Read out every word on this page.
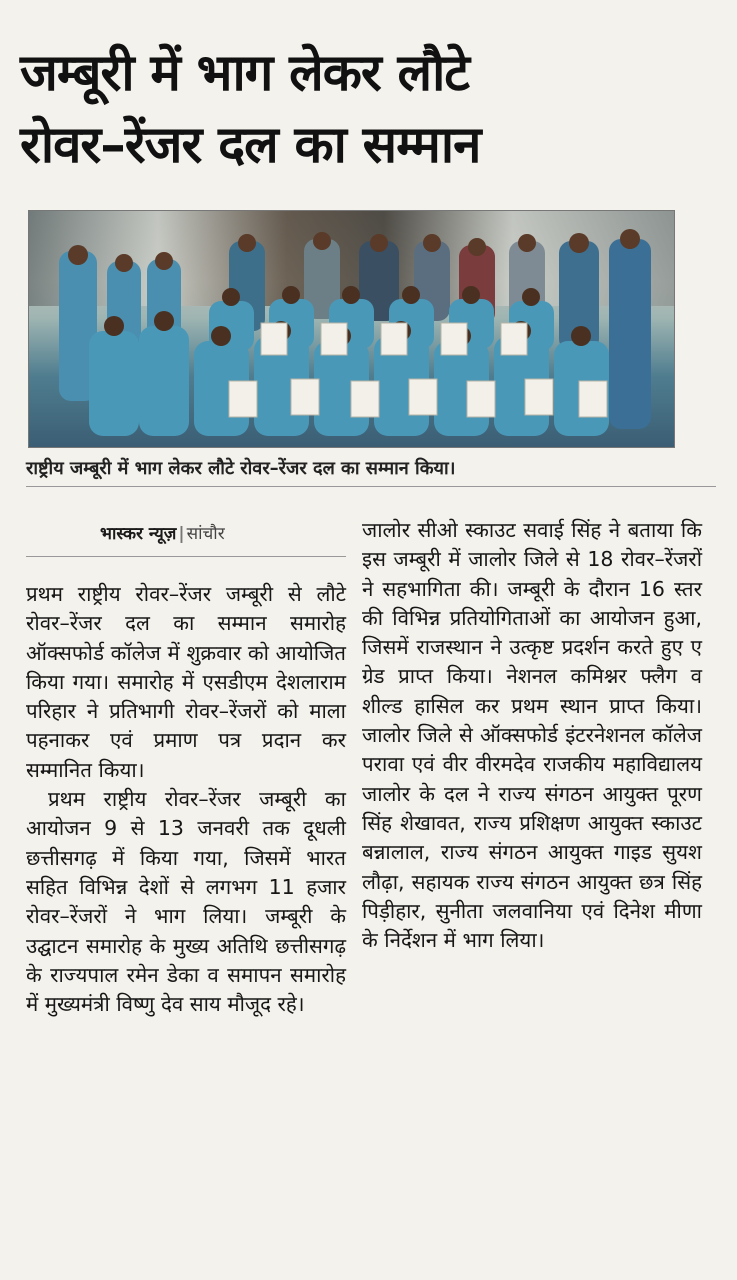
जम्बूरी में भाग लेकर लौटे
रोवर–रेंजर दल का सम्मान
राष्ट्रीय जम्बूरी में भाग लेकर लौटे रोवर–रेंजर दल का सम्मान किया।
भास्कर न्यूज़ | सांचौर

प्रथम राष्ट्रीय रोवर–रेंजर जम्बूरी से लौटे रोवर–रेंजर दल का सम्मान समारोह ऑक्सफोर्ड कॉलेज में शुक्रवार को आयोजित किया गया। समारोह में एसडीएम देशलाराम परिहार ने प्रतिभागी रोवर–रेंजरों को माला पहनाकर एवं प्रमाण पत्र प्रदान कर सम्मानित किया।

प्रथम राष्ट्रीय रोवर–रेंजर जम्बूरी का आयोजन 9 से 13 जनवरी तक दूधली छत्तीसगढ़ में किया गया, जिसमें भारत सहित विभिन्न देशों से लगभग 11 हजार रोवर–रेंजरों ने भाग लिया। जम्बूरी के उद्घाटन समारोह के मुख्य अतिथि छत्तीसगढ़ के राज्यपाल रमेन डेका व समापन समारोह में मुख्यमंत्री विष्णु देव साय मौजूद रहे।

जालोर सीओ स्काउट सवाई सिंह ने बताया कि इस जम्बूरी में जालोर जिले से 18 रोवर–रेंजरों ने सहभागिता की। जम्बूरी के दौरान 16 स्तर की विभिन्न प्रतियोगिताओं का आयोजन हुआ, जिसमें राजस्थान ने उत्कृष्ट प्रदर्शन करते हुए ए ग्रेड प्राप्त किया। नेशनल कमिश्नर फ्लैग व शील्ड हासिल कर प्रथम स्थान प्राप्त किया। जालोर जिले से ऑक्सफोर्ड इंटरनेशनल कॉलेज परावा एवं वीर वीरमदेव राजकीय महाविद्यालय जालोर के दल ने राज्य संगठन आयुक्त पूरण सिंह शेखावत, राज्य प्रशिक्षण आयुक्त स्काउट बन्नालाल, राज्य संगठन आयुक्त गाइड सुयश लौढ़ा, सहायक राज्य संगठन आयुक्त छत्र सिंह पिड़ीहार, सुनीता जलवानिया एवं दिनेश मीणा के निर्देशन में भाग लिया।
